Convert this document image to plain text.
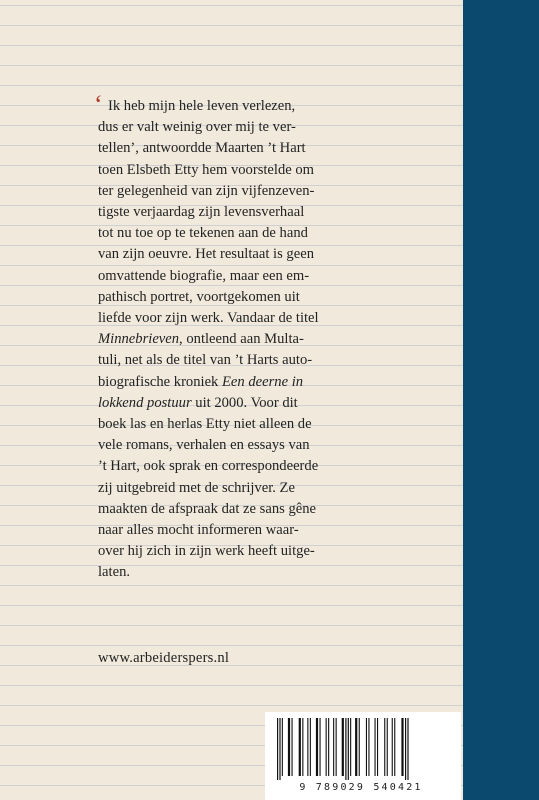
‘ Ik heb mijn hele leven verlezen,
dus er valt weinig over mij te ver-
tellen’, antwoordde Maarten ’t Hart
toen Elsbeth Etty hem voorstelde om
ter gelegenheid van zijn vijfenzeven-
tigste verjaardag zijn levensverhaal
tot nu toe op te tekenen aan de hand
van zijn oeuvre. Het resultaat is geen
omvattende biografie, maar een em-
pathisch portret, voortgekomen uit
liefde voor zijn werk. Vandaar de titel
Minnebrieven, ontleend aan Multa-
tuli, net als de titel van ’t Harts auto-
biografische kroniek Een deerne in
lokkend postuur uit 2000. Voor dit
boek las en herlas Etty niet alleen de
vele romans, verhalen en essays van
’t Hart, ook sprak en correspondeerde
zij uitgebreid met de schrijver. Ze
maakten de afspraak dat ze sans gêne
naar alles mocht informeren waar-
over hij zich in zijn werk heeft uitge-
laten.
www.arbeiderspers.nl
9 789029 540421
